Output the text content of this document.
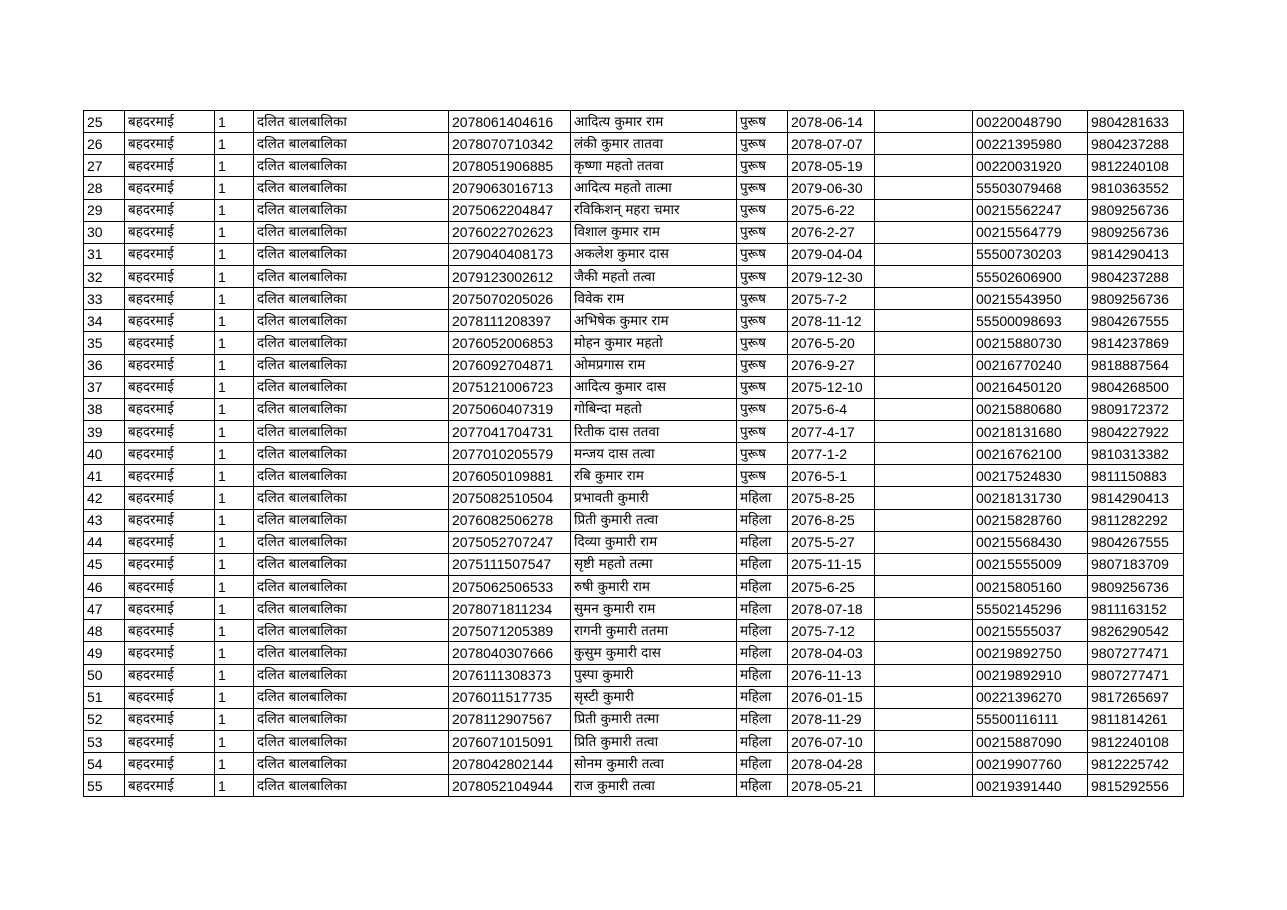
25	बहदरमाई	1	दलित बालबालिका	2078061404616	आदित्य कुमार राम	पुरूष	2078-06-14		00220048790	9804281633
26	बहदरमाई	1	दलित बालबालिका	2078070710342	लंकी कुमार तातवा	पुरूष	2078-07-07		00221395980	9804237288
27	बहदरमाई	1	दलित बालबालिका	2078051906885	कृष्णा महतो ततवा	पुरूष	2078-05-19		00220031920	9812240108
28	बहदरमाई	1	दलित बालबालिका	2079063016713	आदित्य महतो तात्मा	पुरूष	2079-06-30		55503079468	9810363552
29	बहदरमाई	1	दलित बालबालिका	2075062204847	रविकिशन् महरा चमार	पुरूष	2075-6-22		00215562247	9809256736
30	बहदरमाई	1	दलित बालबालिका	2076022702623	विशाल कुमार राम	पुरूष	2076-2-27		00215564779	9809256736
31	बहदरमाई	1	दलित बालबालिका	2079040408173	अकलेश कुमार दास	पुरूष	2079-04-04		55500730203	9814290413
32	बहदरमाई	1	दलित बालबालिका	2079123002612	जैकी महतो तत्वा	पुरूष	2079-12-30		55502606900	9804237288
33	बहदरमाई	1	दलित बालबालिका	2075070205026	विवेक राम	पुरूष	2075-7-2		00215543950	9809256736
34	बहदरमाई	1	दलित बालबालिका	2078111208397	अभिषेक कुमार राम	पुरूष	2078-11-12		55500098693	9804267555
35	बहदरमाई	1	दलित बालबालिका	2076052006853	मोहन कुमार महतो	पुरूष	2076-5-20		00215880730	9814237869
36	बहदरमाई	1	दलित बालबालिका	2076092704871	ओमप्रगास राम	पुरूष	2076-9-27		00216770240	9818887564
37	बहदरमाई	1	दलित बालबालिका	2075121006723	आदित्य कुमार दास	पुरूष	2075-12-10		00216450120	9804268500
38	बहदरमाई	1	दलित बालबालिका	2075060407319	गोबिन्दा महतो	पुरूष	2075-6-4		00215880680	9809172372
39	बहदरमाई	1	दलित बालबालिका	2077041704731	रितीक दास ततवा	पुरूष	2077-4-17		00218131680	9804227922
40	बहदरमाई	1	दलित बालबालिका	2077010205579	मन्जय दास तत्वा	पुरूष	2077-1-2		00216762100	9810313382
41	बहदरमाई	1	दलित बालबालिका	2076050109881	रबि कुमार राम	पुरूष	2076-5-1		00217524830	9811150883
42	बहदरमाई	1	दलित बालबालिका	2075082510504	प्रभावती कुमारी	महिला	2075-8-25		00218131730	9814290413
43	बहदरमाई	1	दलित बालबालिका	2076082506278	प्रिती कुमारी तत्वा	महिला	2076-8-25		00215828760	9811282292
44	बहदरमाई	1	दलित बालबालिका	2075052707247	दिव्या कुमारी राम	महिला	2075-5-27		00215568430	9804267555
45	बहदरमाई	1	दलित बालबालिका	2075111507547	सृष्टी महतो तत्मा	महिला	2075-11-15		00215555009	9807183709
46	बहदरमाई	1	दलित बालबालिका	2075062506533	रुषी कुमारी राम	महिला	2075-6-25		00215805160	9809256736
47	बहदरमाई	1	दलित बालबालिका	2078071811234	सुमन कुमारी राम	महिला	2078-07-18		55502145296	9811163152
48	बहदरमाई	1	दलित बालबालिका	2075071205389	रागनी कुमारी ततमा	महिला	2075-7-12		00215555037	9826290542
49	बहदरमाई	1	दलित बालबालिका	2078040307666	कुसुम कुमारी दास	महिला	2078-04-03		00219892750	9807277471
50	बहदरमाई	1	दलित बालबालिका	2076111308373	पुस्पा कुमारी	महिला	2076-11-13		00219892910	9807277471
51	बहदरमाई	1	दलित बालबालिका	2076011517735	सृस्टी कुमारी	महिला	2076-01-15		00221396270	9817265697
52	बहदरमाई	1	दलित बालबालिका	2078112907567	प्रिती कुमारी तत्मा	महिला	2078-11-29		55500116111	9811814261
53	बहदरमाई	1	दलित बालबालिका	2076071015091	प्रिति कुमारी तत्वा	महिला	2076-07-10		00215887090	9812240108
54	बहदरमाई	1	दलित बालबालिका	2078042802144	सोनम कुमारी तत्वा	महिला	2078-04-28		00219907760	9812225742
55	बहदरमाई	1	दलित बालबालिका	2078052104944	राज कुमारी तत्वा	महिला	2078-05-21		00219391440	9815292556
